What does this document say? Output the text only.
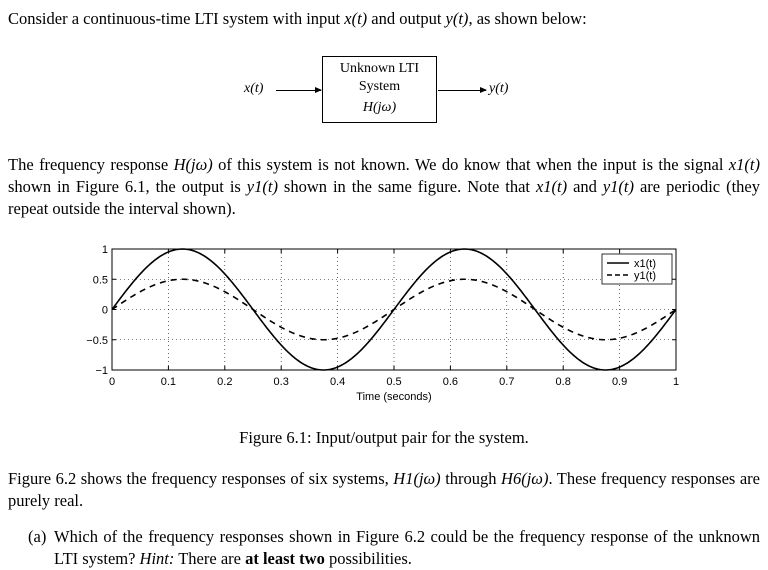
Consider a continuous-time LTI system with input x(t) and output y(t), as shown below:
x(t)
Unknown LTI
System
H(jω)
y(t)
The frequency response H(jω) of this system is not known. We do know that when the input is the signal x1(t) shown in Figure 6.1, the output is y1(t) shown in the same figure. Note that x1(t) and y1(t) are periodic (they repeat outside the interval shown).
0	0.1	0.2	0.3	0.4	0.5	0.6	0.7	0.8	0.9	1
−1
−0.5
0
0.5
1
Time (seconds)
x1(t)
y1(t)
Figure 6.1: Input/output pair for the system.
Figure 6.2 shows the frequency responses of six systems, H1(jω) through H6(jω). These frequency responses are purely real.
(a) Which of the frequency responses shown in Figure 6.2 could be the frequency response of the unknown LTI system? Hint: There are at least two possibilities.
